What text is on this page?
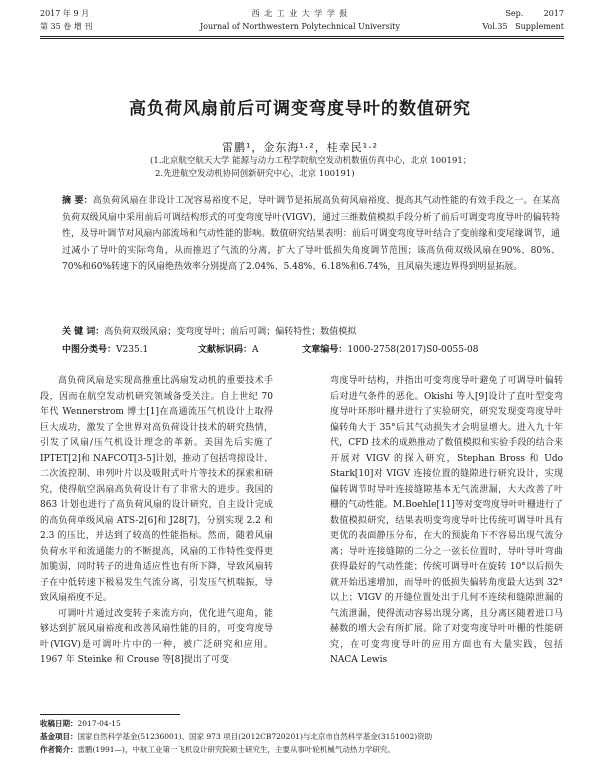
2017 年 9 月
第 35 卷 增 刊
西 北 工 业 大 学 学 报
Journal of Northwestern Polytechnical University
Sep.        2017
Vol.35   Supplement
高负荷风扇前后可调变弯度导叶的数值研究
雷鹏¹，金东海¹·²，桂幸民¹·²
(1.北京航空航天大学 能源与动力工程学院航空发动机数值仿真中心，北京 100191；
2.先进航空发动机协同创新研究中心，北京 100191)
摘 要：高负荷风扇在非设计工况容易裕度不足，导叶调节是拓展高负荷风扇裕度、提高其气动性能的有效手段之一。在某高负荷双级风扇中采用前后可调结构形式的可变弯度导叶(VIGV)，通过三维数值模拟手段分析了前后可调变弯度导叶的偏转特性，及导叶调节对风扇内部流场和气动性能的影响。数值研究结果表明：前后可调变弯度导叶结合了变前缘和变尾缘调节，通过减小了导叶的实际弯角，从而推迟了气流的分离，扩大了导叶低损失角度调节范围；该高负荷双级风扇在90%、80%、70%和60%转速下的风扇绝热效率分别提高了2.04%、5.48%、6.18%和6.74%，且风扇失速边界得到明显拓展。
关 键 词：高负荷双级风扇；变弯度导叶；前后可调；偏转特性；数值模拟
中图分类号：V235.1	文献标识码：A	文章编号：1000-2758(2017)S0-0055-08

高负荷风扇是实现高推重比涡扇发动机的重要技术手段，因而在航空发动机研究领域备受关注。自上世纪 70 年代 Wennerstrom 博士[1]在高通流压气机设计上取得巨大成功，激发了全世界对高负荷设计技术的研究热情，引发了风扇/压气机设计理念的革新。美国先后实施了 IPTET[2]和 NAFCOT[3-5]计划，推动了包括弯掠设计、二次流控制、串列叶片以及吸附式叶片等技术的探索和研究，使得航空涡扇高负荷设计有了非常大的进步。我国的 863 计划也进行了高负荷风扇的设计研究，自主设计完成的高负荷单级风扇 ATS-2[6]和 J28[7]，分别实现 2.2 和 2.3 的压比，并达到了较高的性能指标。然而，随着风扇负荷水平和流通能力的不断提高，风扇的工作特性变得更加脆弱，同时转子的进角适应性也有所下降，导致风扇转子在中低转速下极易发生气流分离，引发压气机喘振，导致风扇裕度不足。

可调叶片通过改变转子来流方向，优化进气迎角，能够达到扩展风扇裕度和改善风扇性能的目的，可变弯度导叶(VIGV)是可调叶片中的一种，被广泛研究和应用。1967 年 Steinke 和 Crouse 等[8]提出了可变

弯度导叶结构，并指出可变弯度导叶避免了可调导叶偏转后对进气条件的恶化。Okishi 等人[9]设计了直叶型变弯度导叶环形叶栅并进行了实验研究，研究发现变弯度导叶偏转角大于 35°后其气动损失才会明显增大。进入九十年代，CFD 技术的成熟推动了数值模拟和实验手段的结合来开展对 VIGV 的探入研究，Stephan Bross 和 Udo Stark[10]对 VIGV 连接位置的缝隙进行研究设计，实现偏转调节时导叶连接缝隙基本无气流泄漏，大大改善了叶栅的气动性能。M.Boehle[11]等对变弯度导叶叶栅进行了数值模拟研究，结果表明变弯度导叶比传统可调导叶具有更优的表面静压分布，在大的预旋角下不容易出现气流分离；导叶连接缝隙的二分之一弦长位置时，导叶导叶弯曲获得最好的气动性能；传统可调导叶在旋转 10°以后损失就开始迅速增加，而导叶的低损失偏转角度最大达到 32°以上；VIGV 的开缝位置处出于几何不连续和缝隙泄漏的气流泄漏，使得流动容易出现分离，且分离区随着进口马赫数的增大会有所扩展。除了对变弯度导叶叶栅的性能研究，在可变弯度导叶的应用方面也有大量实践，包括 NACA Lewis

收稿日期：2017-04-15
基金项目：国家自然科学基金(51236001)、国家 973 项目(2012CB720201)与北京市自然科学基金(3151002)资助
作者简介：雷鹏(1991—)，中航工业第一飞机设计研究院硕士研究生，主要从事叶轮机械气动热力学研究。
